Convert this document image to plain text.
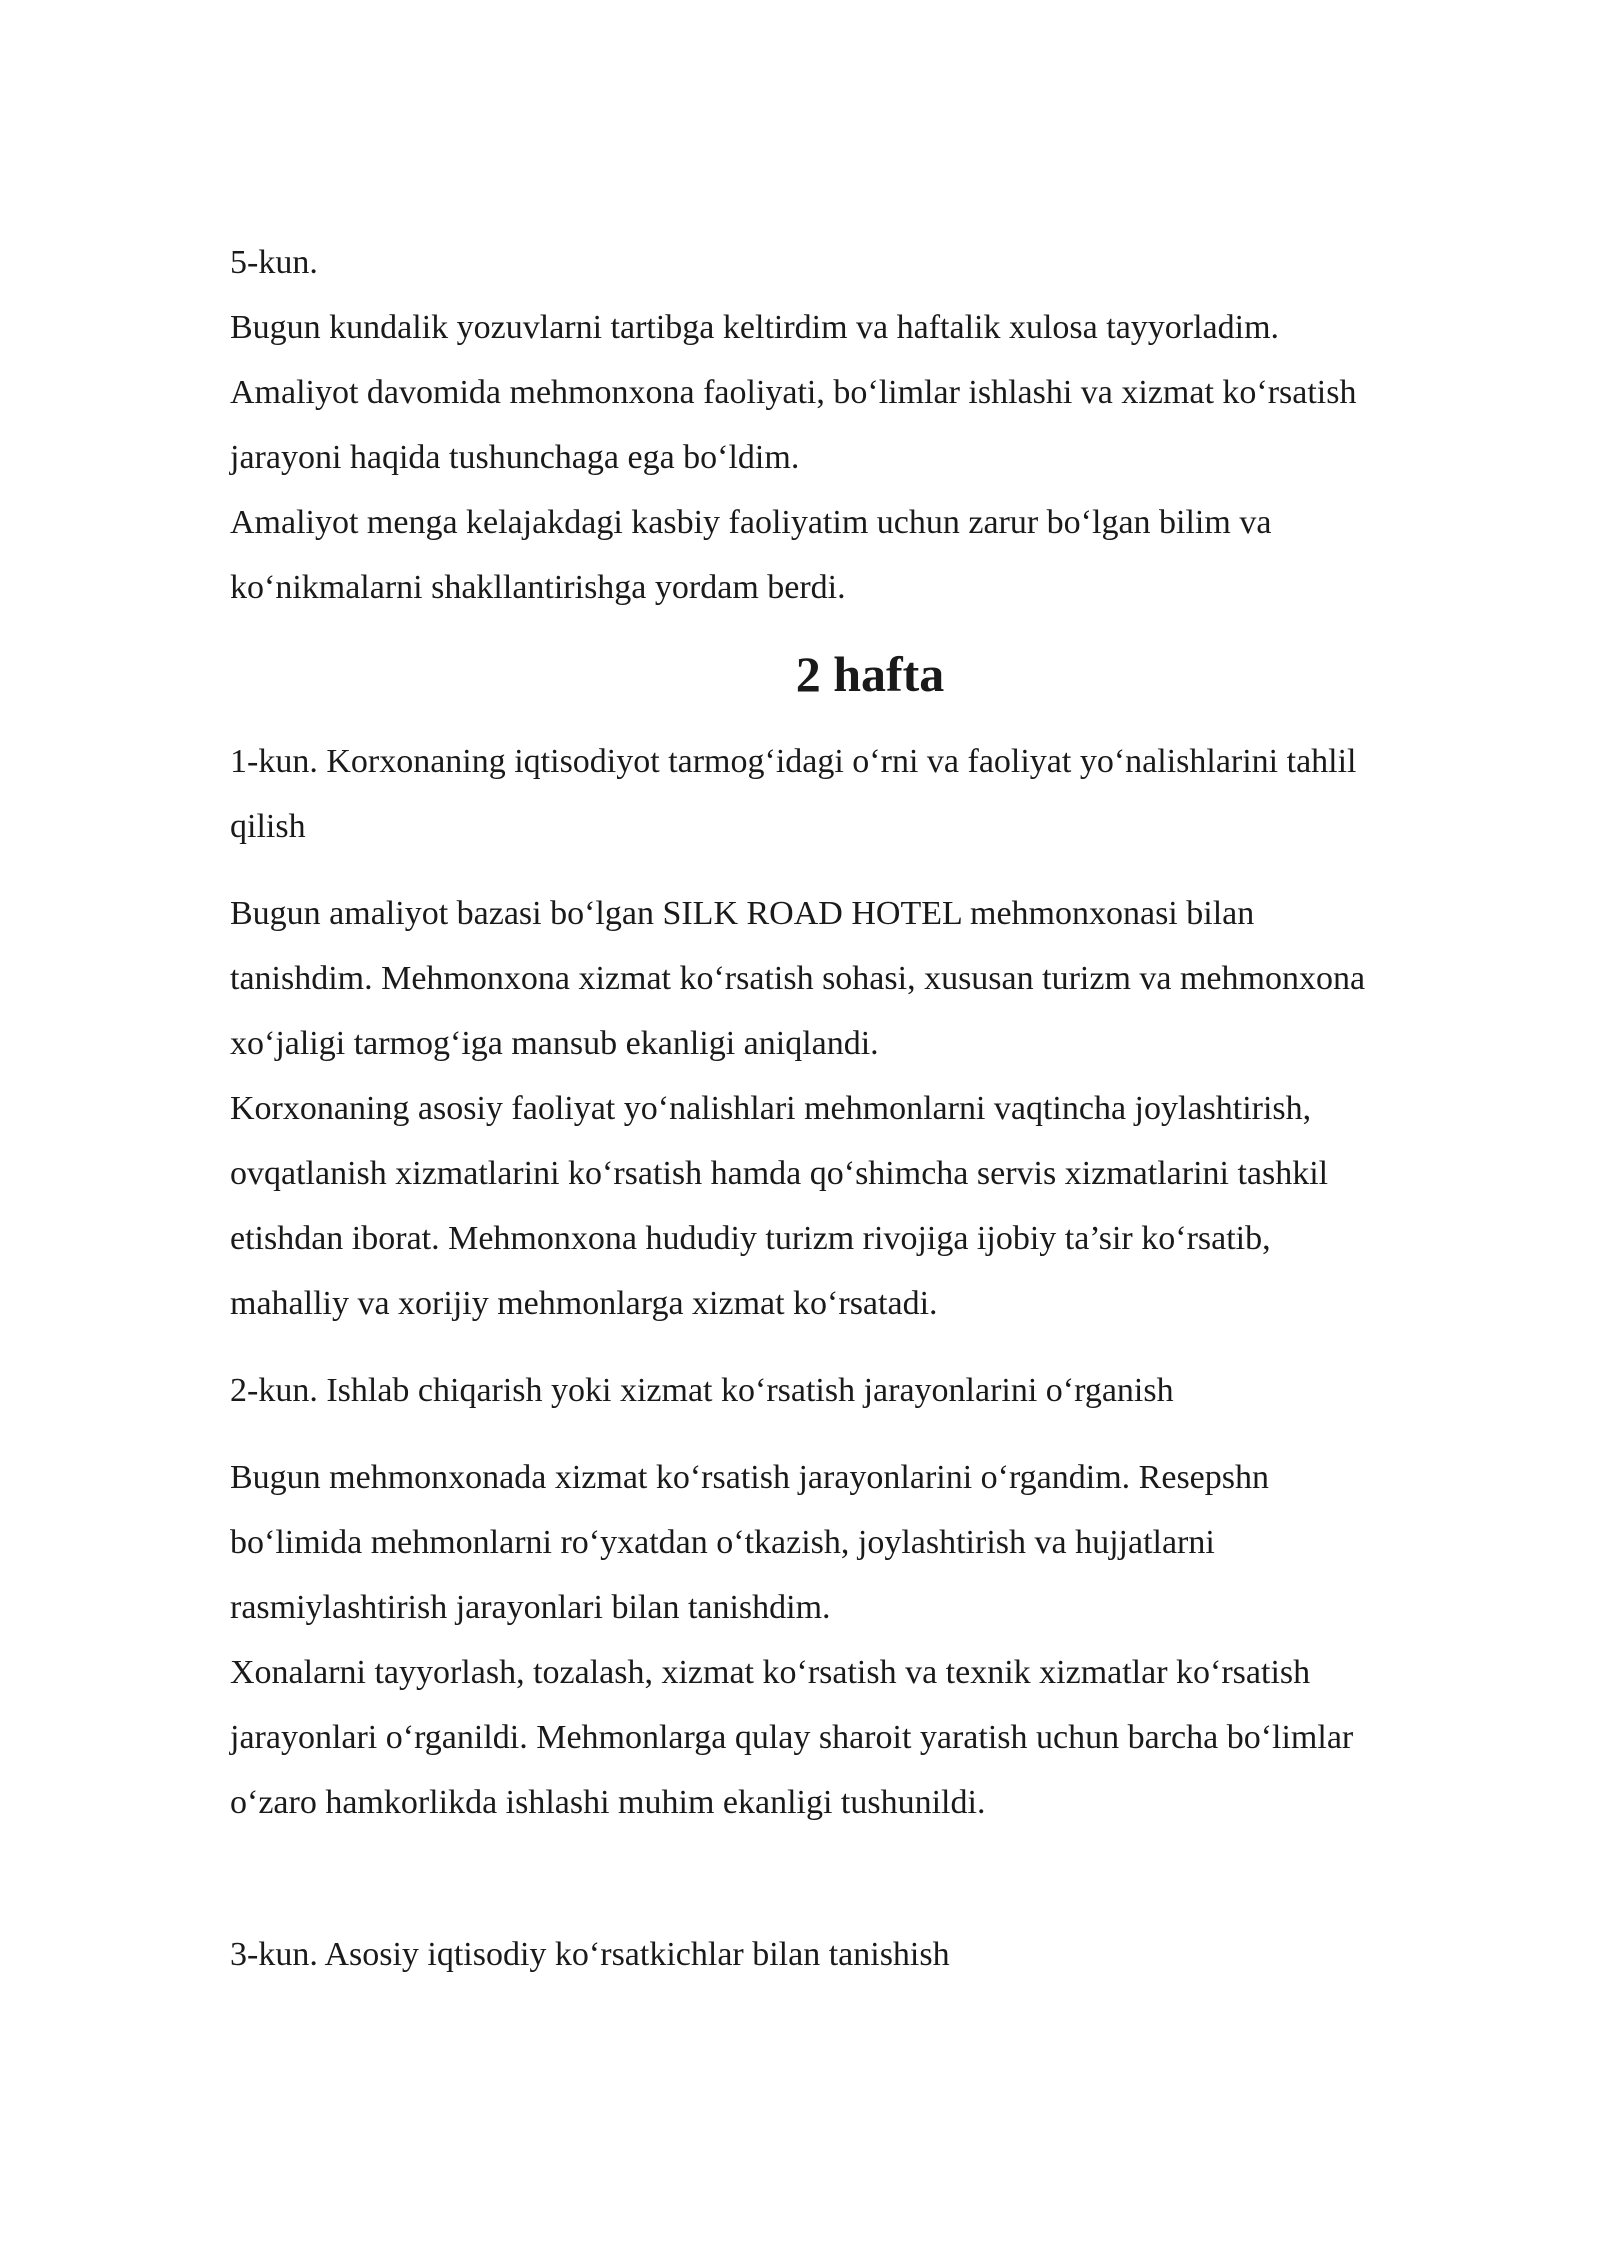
5-kun.
Bugun kundalik yozuvlarni tartibga keltirdim va haftalik xulosa tayyorladim.
Amaliyot davomida mehmonxona faoliyati, bo‘limlar ishlashi va xizmat ko‘rsatish
jarayoni haqida tushunchaga ega bo‘ldim.
Amaliyot menga kelajakdagi kasbiy faoliyatim uchun zarur bo‘lgan bilim va
ko‘nikmalarni shakllantirishga yordam berdi.
2 hafta
1-kun. Korxonaning iqtisodiyot tarmog‘idagi o‘rni va faoliyat yo‘nalishlarini tahlil
qilish
Bugun amaliyot bazasi bo‘lgan SILK ROAD HOTEL mehmonxonasi bilan
tanishdim. Mehmonxona xizmat ko‘rsatish sohasi, xususan turizm va mehmonxona
xo‘jaligi tarmog‘iga mansub ekanligi aniqlandi.
Korxonaning asosiy faoliyat yo‘nalishlari mehmonlarni vaqtincha joylashtirish,
ovqatlanish xizmatlarini ko‘rsatish hamda qo‘shimcha servis xizmatlarini tashkil
etishdan iborat. Mehmonxona hududiy turizm rivojiga ijobiy ta’sir ko‘rsatib,
mahalliy va xorijiy mehmonlarga xizmat ko‘rsatadi.
2-kun. Ishlab chiqarish yoki xizmat ko‘rsatish jarayonlarini o‘rganish
Bugun mehmonxonada xizmat ko‘rsatish jarayonlarini o‘rgandim. Resepshn
bo‘limida mehmonlarni ro‘yxatdan o‘tkazish, joylashtirish va hujjatlarni
rasmiylashtirish jarayonlari bilan tanishdim.
Xonalarni tayyorlash, tozalash, xizmat ko‘rsatish va texnik xizmatlar ko‘rsatish
jarayonlari o‘rganildi. Mehmonlarga qulay sharoit yaratish uchun barcha bo‘limlar
o‘zaro hamkorlikda ishlashi muhim ekanligi tushunildi.
3-kun. Asosiy iqtisodiy ko‘rsatkichlar bilan tanishish
